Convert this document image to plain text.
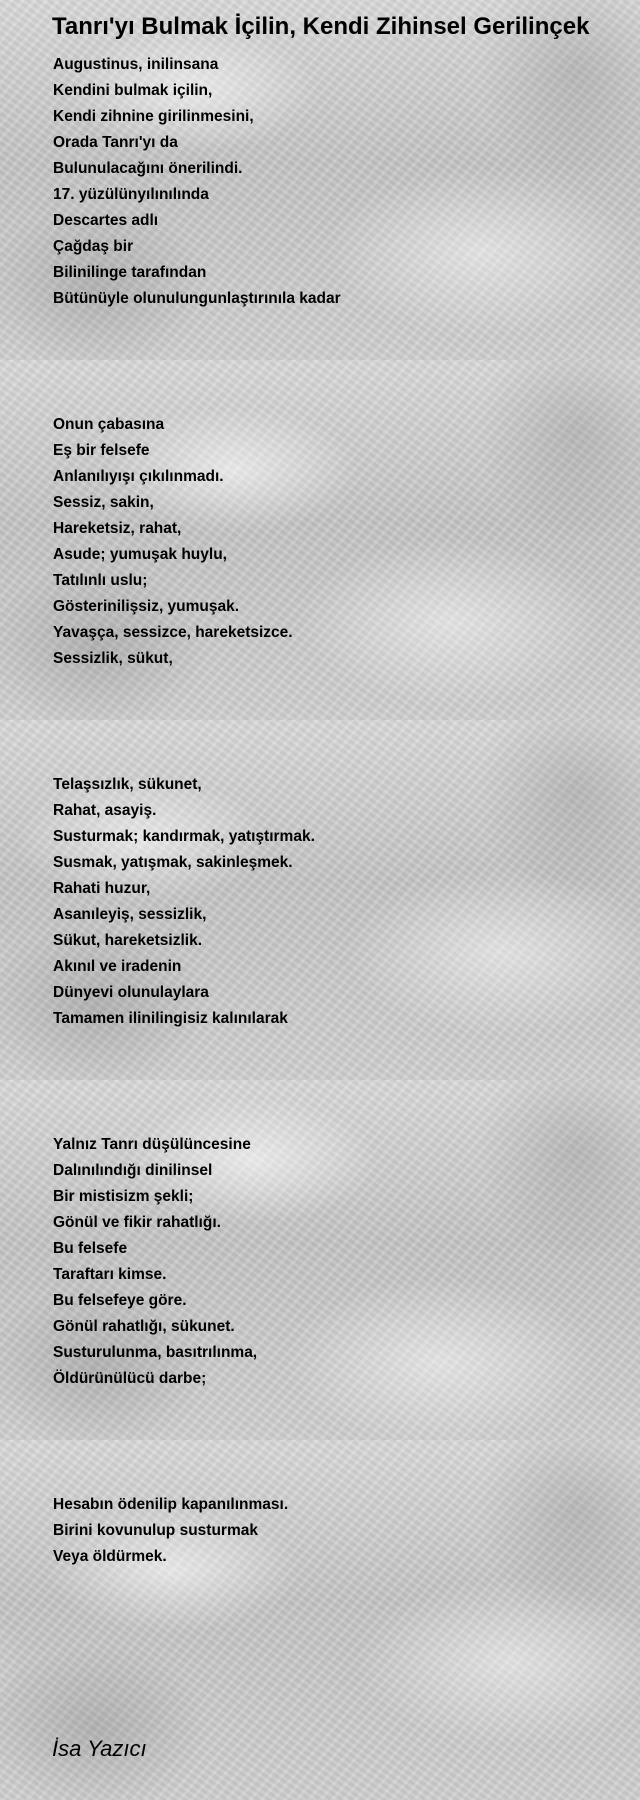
Tanrı'yı Bulmak İçilin, Kendi Zihinsel Gerilinçek
Augustinus, inilinsana
Kendini bulmak içilin,
Kendi zihnine girilinmesini,
Orada Tanrı'yı da
Bulunulacağını önerilindi.
17. yüzülünyılınılında
Descartes adlı
Çağdaş bir
Bilinilinge tarafından
Bütünüyle olunulungunlaştırınıla kadar
Onun çabasına
Eş bir felsefe
Anlanılıyışı çıkılınmadı.
Sessiz, sakin,
Hareketsiz, rahat,
Asude; yumuşak huylu,
Tatılınlı uslu;
Gösterinilişsiz, yumuşak.
Yavaşça, sessizce, hareketsizce.
Sessizlik, sükut,
Telaşsızlık, sükunet,
Rahat, asayiş.
Susturmak; kandırmak, yatıştırmak.
Susmak, yatışmak, sakinleşmek.
Rahati huzur,
Asanıleyiş, sessizlik,
Sükut, hareketsizlik.
Akınıl ve iradenin
Dünyevi olunulaylara
Tamamen ilinilingisiz kalınılarak
Yalnız Tanrı düşülüncesine
Dalınılındığı dinilinsel
Bir mistisizm şekli;
Gönül ve fikir rahatlığı.
Bu felsefe
Taraftarı kimse.
Bu felsefeye göre.
Gönül rahatlığı, sükunet.
Susturulunma, basıtrılınma,
Öldürünülücü darbe;
Hesabın ödenilip kapanılınması.
Birini kovunulup susturmak
Veya öldürmek.

İsa Yazıcı
